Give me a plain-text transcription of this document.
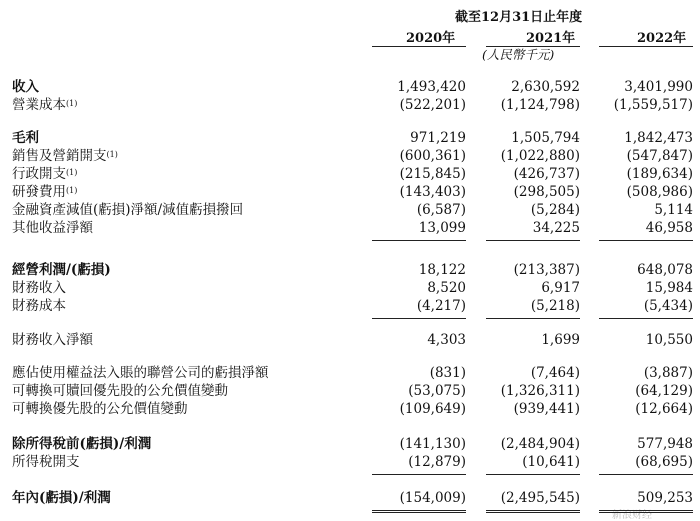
截至12月31日止年度
2020年	2021年	2022年
(人民幣千元)
收入	1,493,420	2,630,592	3,401,990
營業成本$^{(1)}$	(522,201)	(1,124,798)	(1,559,517)
毛利	971,219	1,505,794	1,842,473
銷售及營銷開支$^{(1)}$	(600,361)	(1,022,880)	(547,847)
行政開支$^{(1)}$	(215,845)	(426,737)	(189,634)
研發費用$^{(1)}$	(143,403)	(298,505)	(508,986)
金融資產減值(虧損)淨額/減值虧損撥回	(6,587)	(5,284)	5,114
其他收益淨額	13,099	34,225	46,958
經營利潤/(虧損)	18,122	(213,387)	648,078
財務收入	8,520	6,917	15,984
財務成本	(4,217)	(5,218)	(5,434)
財務收入淨額	4,303	1,699	10,550
應佔使用權益法入賬的聯營公司的虧損淨額	(831)	(7,464)	(3,887)
可轉換可贖回優先股的公允價值變動	(53,075)	(1,326,311)	(64,129)
可轉換優先股的公允價值變動	(109,649)	(939,441)	(12,664)
除所得稅前(虧損)/利潤	(141,130)	(2,484,904)	577,948
所得稅開支	(12,879)	(10,641)	(68,695)
年內(虧損)/利潤	(154,009)	(2,495,545)	509,253
新浪财经
